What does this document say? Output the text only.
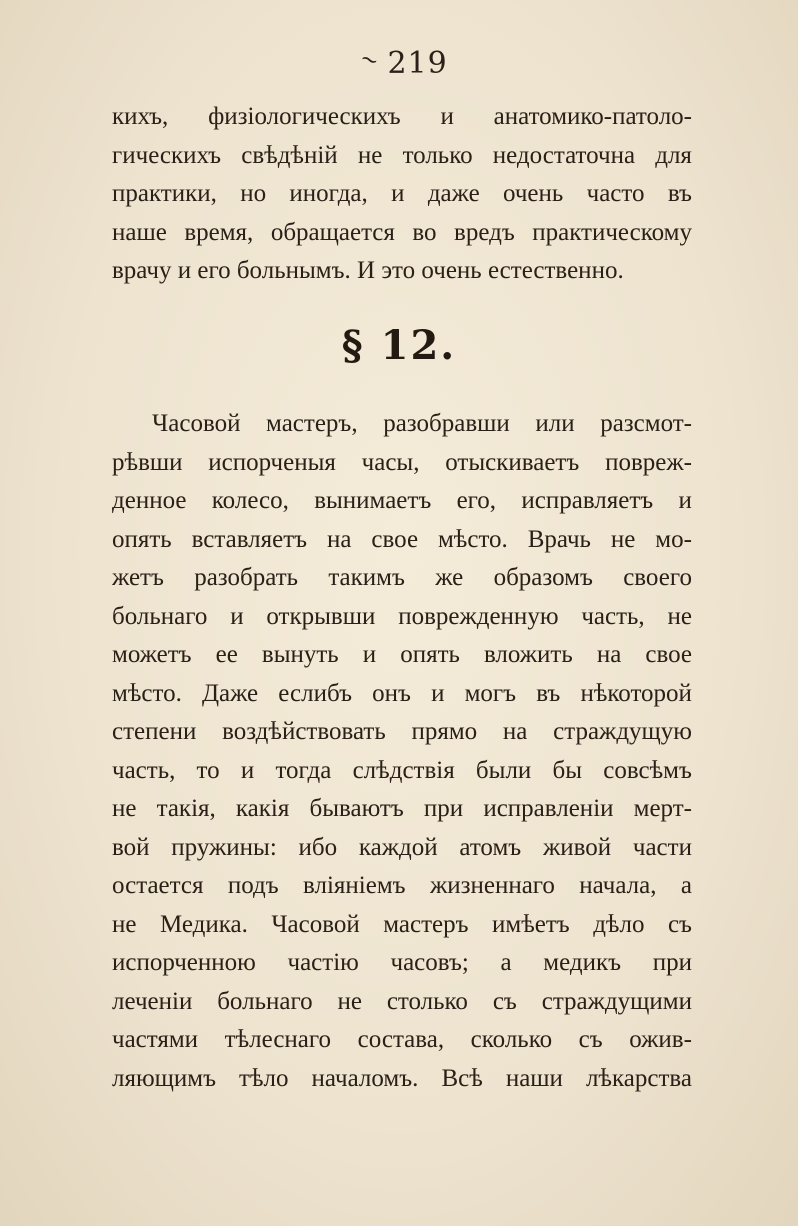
~ 219
кихъ, физіологическихъ и анатомико-патоло-
гическихъ свѣдѣній не только недостаточна для
практики, но иногда, и даже очень часто въ
наше время, обращается во вредъ практическому
врачу и его больнымъ. И это очень естественно.
§ 12.
Часовой мастеръ, разобравши или разсмот-
рѣвши испорченыя часы, отыскиваетъ повреж-
денное колесо, вынимаетъ его, исправляетъ и
опять вставляетъ на свое мѣсто. Врачь не мо-
жетъ разобрать такимъ же образомъ своего
больнаго и открывши поврежденную часть, не
можетъ ее вынуть и опять вложить на свое
мѣсто. Даже еслибъ онъ и могъ въ нѣкоторой
степени воздѣйствовать прямо на страждущую
часть, то и тогда слѣдствія были бы совсѣмъ
не такія, какія бываютъ при исправленіи мерт-
вой пружины: ибо каждой атомъ живой части
остается подъ вліяніемъ жизненнаго начала, а
не Медика. Часовой мастеръ имѣетъ дѣло съ
испорченною частію часовъ; а медикъ при
леченіи больнаго не столько съ страждущими
частями тѣлеснаго состава, сколько съ ожив-
ляющимъ тѣло началомъ. Всѣ наши лѣкарства
